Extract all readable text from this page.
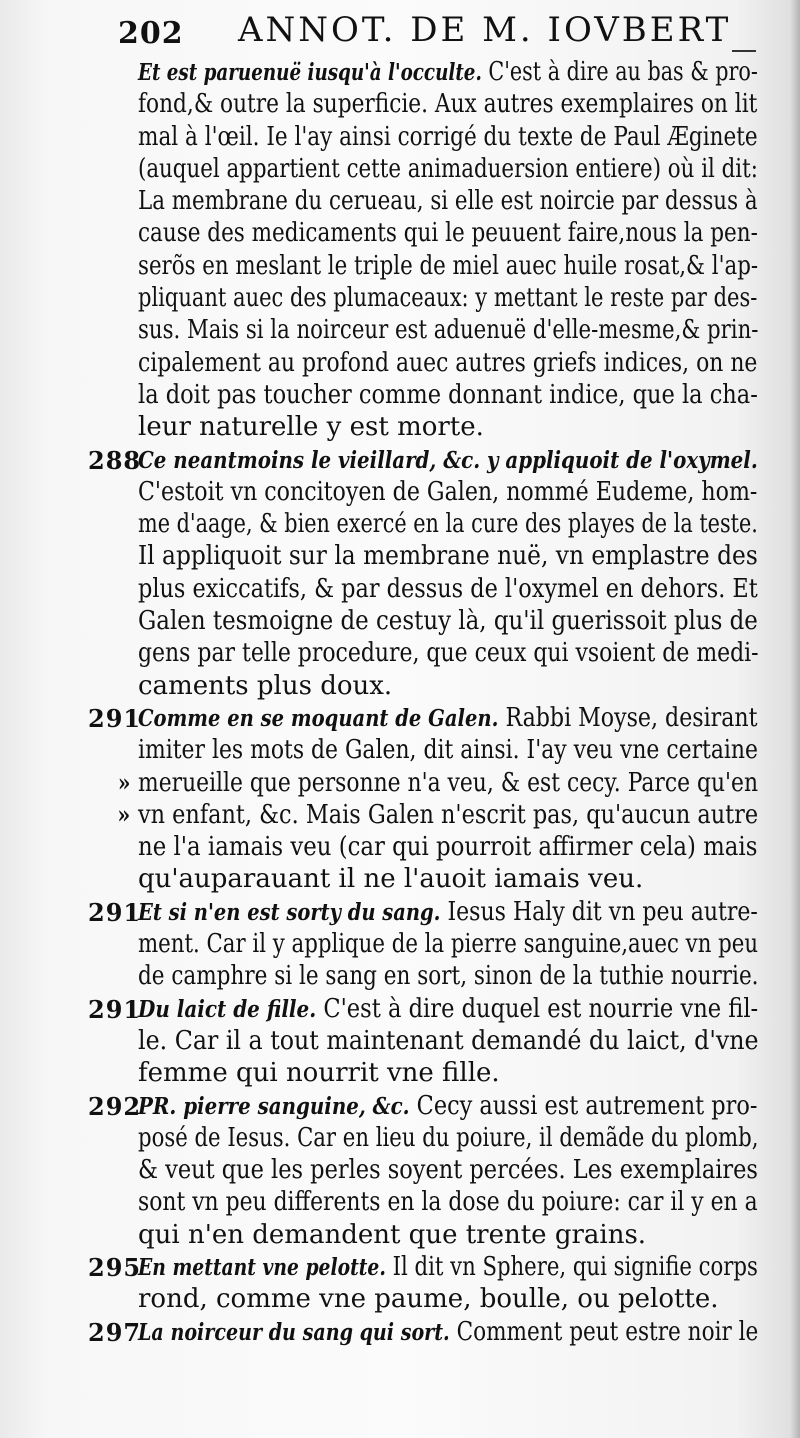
202 ANNOT. DE M. IOVBERT
Et est paruenuë iusqu'à l'occulte. C'est à dire au bas & pro-
fond,& outre la superficie. Aux autres exemplaires on lit
mal à l'œil. Ie l'ay ainsi corrigé du texte de Paul Æginete
(auquel appartient cette animaduersion entiere) où il dit:
La membrane du cerueau, si elle est noircie par dessus à
cause des medicaments qui le peuuent faire,nous la pen-
serõs en meslant le triple de miel auec huile rosat,& l'ap-
pliquant auec des plumaceaux: y mettant le reste par des-
sus. Mais si la noirceur est aduenuë d'elle-mesme,& prin-
cipalement au profond auec autres griefs indices, on ne
la doit pas toucher comme donnant indice, que la cha-
leur naturelle y est morte.
288
Ce neantmoins le vieillard, &c. y appliquoit de l'oxymel.
C'estoit vn concitoyen de Galen, nommé Eudeme, hom-
me d'aage, & bien exercé en la cure des playes de la teste.
Il appliquoit sur la membrane nuë, vn emplastre des
plus exiccatifs, & par dessus de l'oxymel en dehors. Et
Galen tesmoigne de cestuy là, qu'il guerissoit plus de
gens par telle procedure, que ceux qui vsoient de medi-
caments plus doux.
291
Comme en se moquant de Galen. Rabbi Moyse, desirant
imiter les mots de Galen, dit ainsi. I'ay veu vne certaine
» merueille que personne n'a veu, & est cecy. Parce qu'en
» vn enfant, &c. Mais Galen n'escrit pas, qu'aucun autre
ne l'a iamais veu (car qui pourroit affirmer cela) mais
qu'auparauant il ne l'auoit iamais veu.
291
Et si n'en est sorty du sang. Iesus Haly dit vn peu autre-
ment. Car il y applique de la pierre sanguine,auec vn peu
de camphre si le sang en sort, sinon de la tuthie nourrie.
291
Du laict de fille. C'est à dire duquel est nourrie vne fil-
le. Car il a tout maintenant demandé du laict, d'vne
femme qui nourrit vne fille.
292
PR. pierre sanguine, &c. Cecy aussi est autrement pro-
posé de Iesus. Car en lieu du poiure, il demãde du plomb,
& veut que les perles soyent percées. Les exemplaires
sont vn peu differents en la dose du poiure: car il y en a
qui n'en demandent que trente grains.
295
En mettant vne pelotte. Il dit vn Sphere, qui signifie corps
rond, comme vne paume, boulle, ou pelotte.
297
La noirceur du sang qui sort. Comment peut estre noir le
